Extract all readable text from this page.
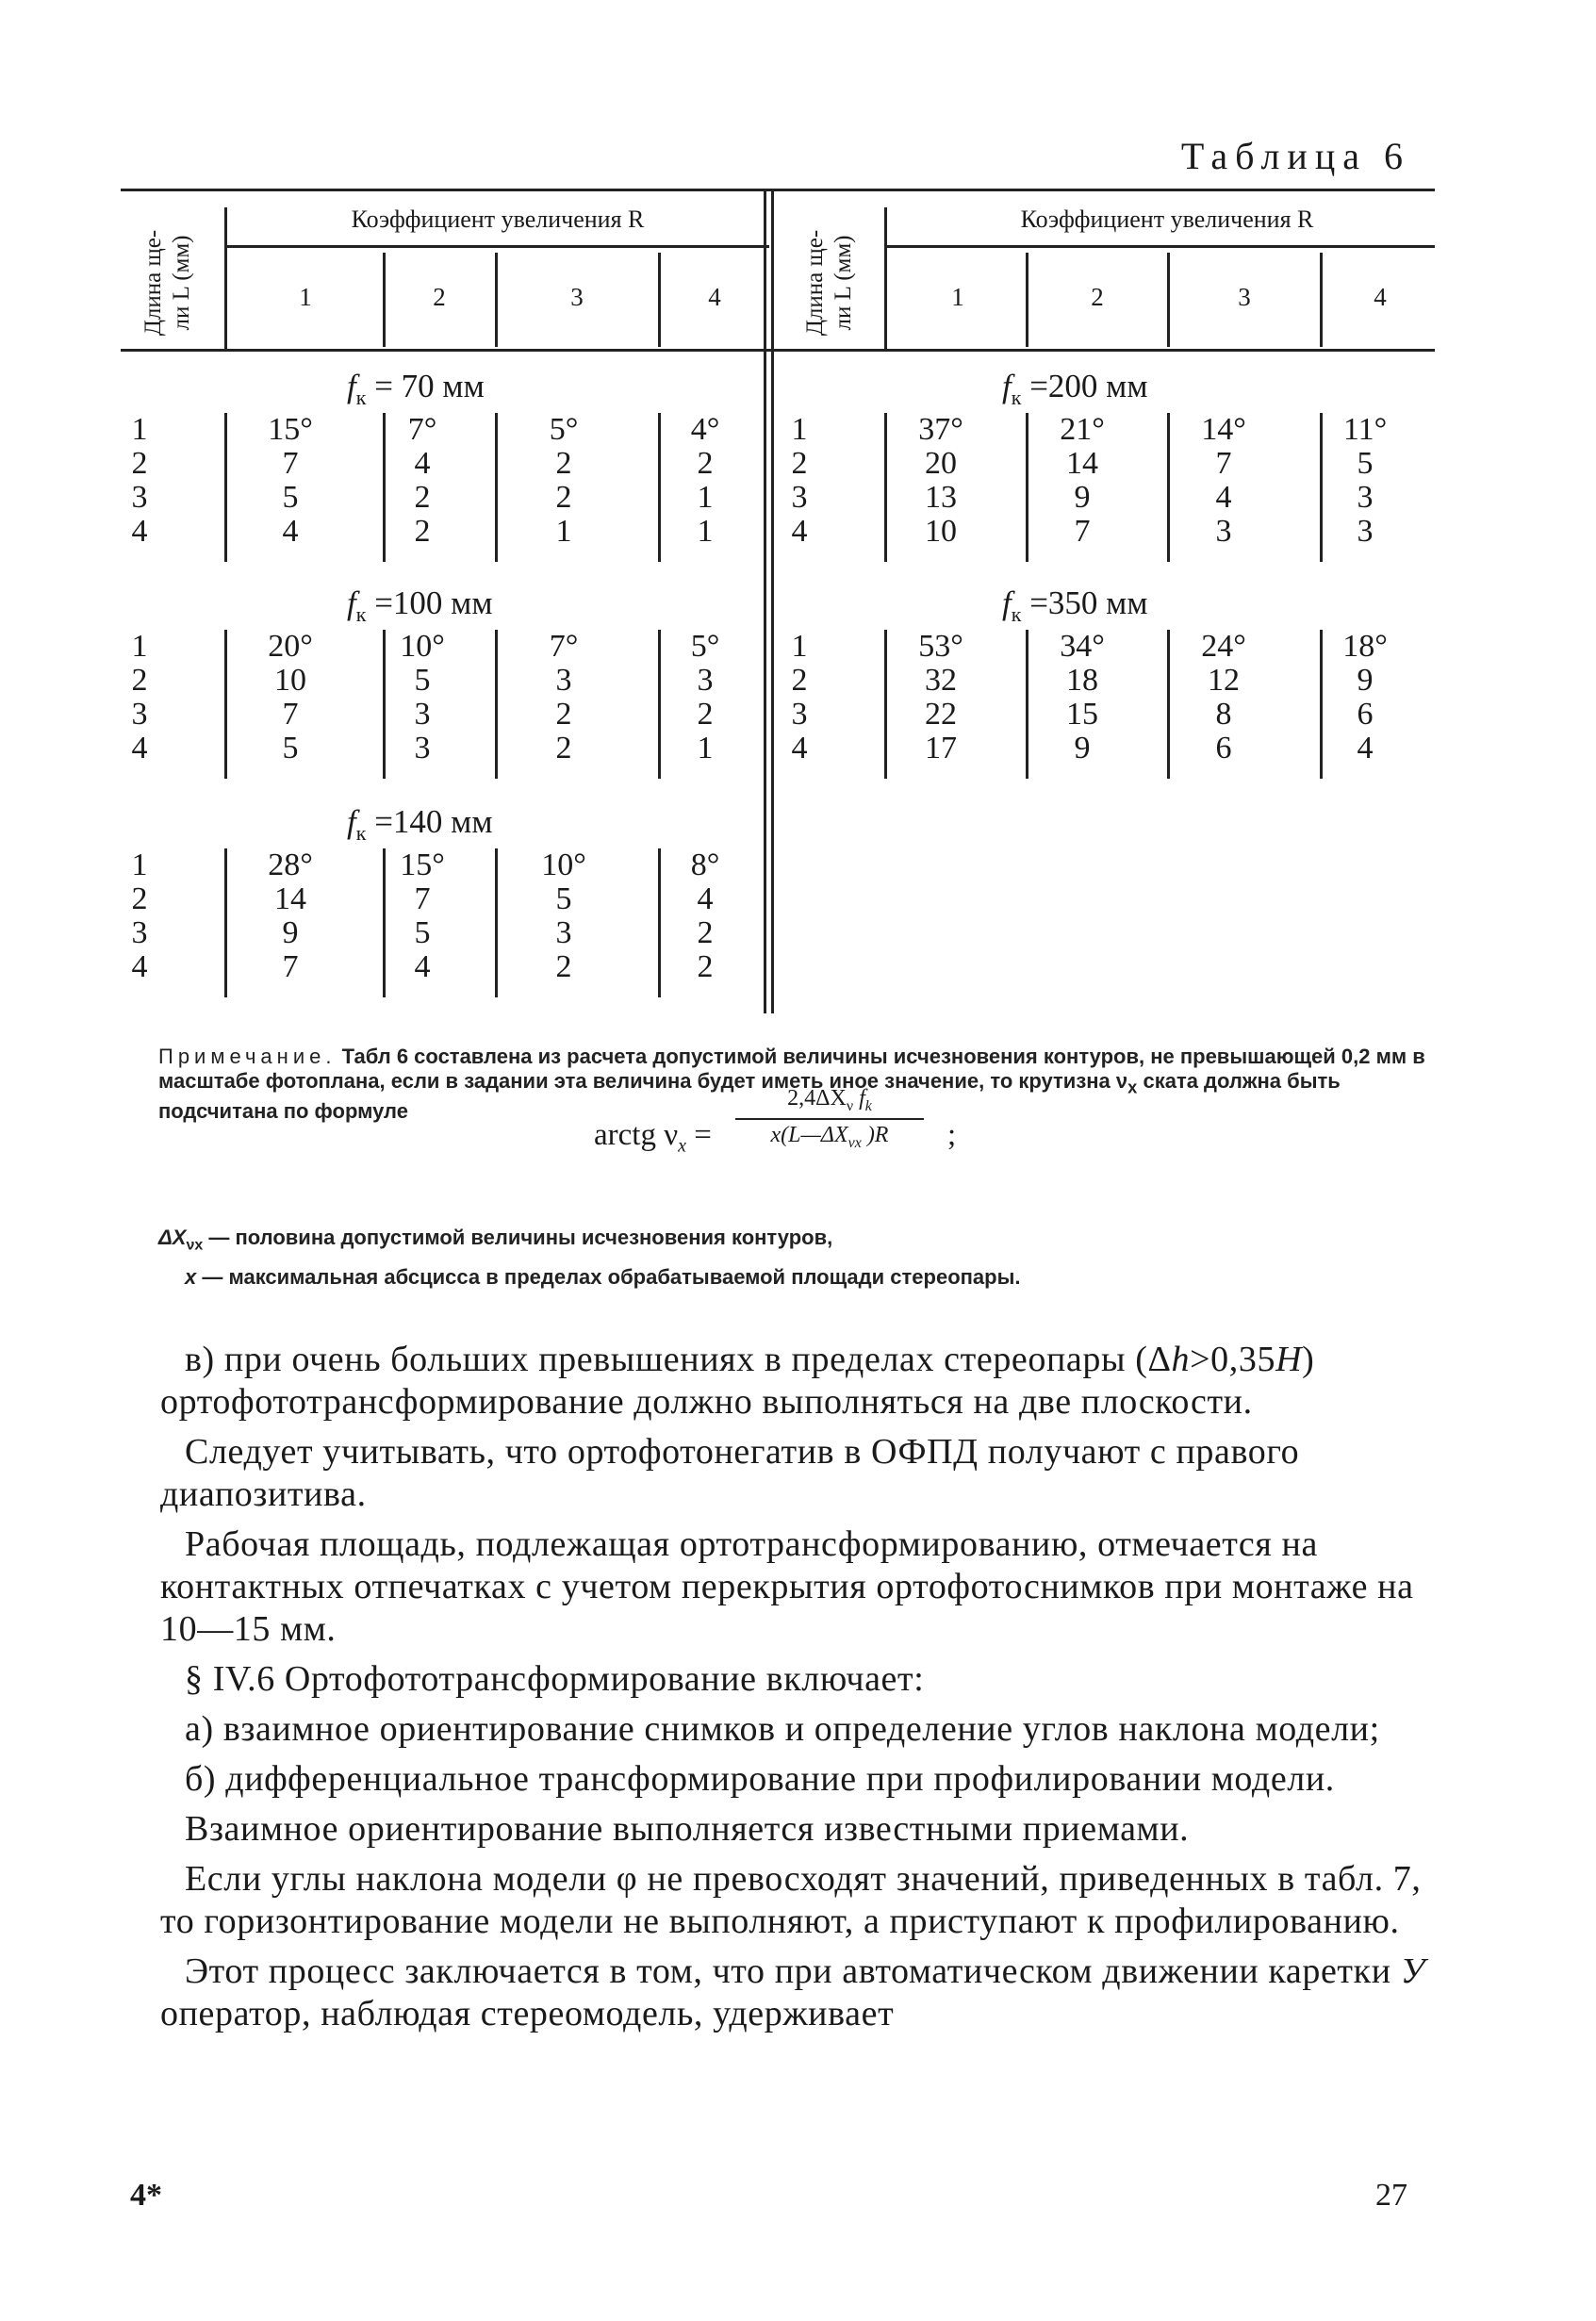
Таблица 6
Длина ще-
ли L (мм)
Длина ще-
ли L (мм)
Коэффициент увеличения R	Коэффициент увеличения R
1	2	3	4	1	2	3	4
$f_к = 70$ мм
1	15°	7°	5°	4°
2	7	4	2	2
3	5	2	2	1
4	4	2	1	1
$f_к =100$ мм
1	20°	10°	7°	5°
2	10	5	3	3
3	7	3	2	2
4	5	3	2	1
$f_к =140$ мм
1	28°	15°	10°	8°
2	14	7	5	4
3	9	5	3	2
4	7	4	2	2
$f_к =200$ мм
1	37°	21°	14°	11°
2	20	14	7	5
3	13	9	4	3
4	10	7	3	3
$f_к =350$ мм
1	53°	34°	24°	18°
2	32	18	12	9
3	22	15	8	6
4	17	9	6	4
Примечание. Табл 6 составлена из расчета допустимой величины исчезновения контуров, не превышающей 0,2 мм в масштабе фотоплана, если в задании эта величина будет иметь иное значение, то крутизна $\nu_x$ ската должна быть подсчитана по формуле
arctg $\nu_x$ =
$2,4\Delta X_\nu$ $f_k$
$x(L—\Delta X_{\nu x}$ )R	;
$\Delta X_{\nu x}$ — половина допустимой величины исчезновения контуров,
x — максимальная абсцисса в пределах обрабатываемой площади стереопары.

в) при очень больших превышениях в пределах стереопары (Δh>0,35H) ортофототрансформирование должно выполняться на две плоскости.

Следует учитывать, что ортофотонегатив в ОФПД получают с правого диапозитива.

Рабочая площадь, подлежащая ортотрансформированию, отмечается на контактных отпечатках с учетом перекрытия ортофотоснимков при монтаже на 10—15 мм.

§ IV.6 Ортофототрансформирование включает:

а) взаимное ориентирование снимков и определение углов наклона модели;

б) дифференциальное трансформирование при профилировании модели.

Взаимное ориентирование выполняется известными приемами.

Если углы наклона модели φ не превосходят значений, приведенных в табл. 7, то горизонтирование модели не выполняют, а приступают к профилированию.

Этот процесс заключается в том, что при автоматическом движении каретки У оператор, наблюдая стереомодель, удерживает

4*	27
